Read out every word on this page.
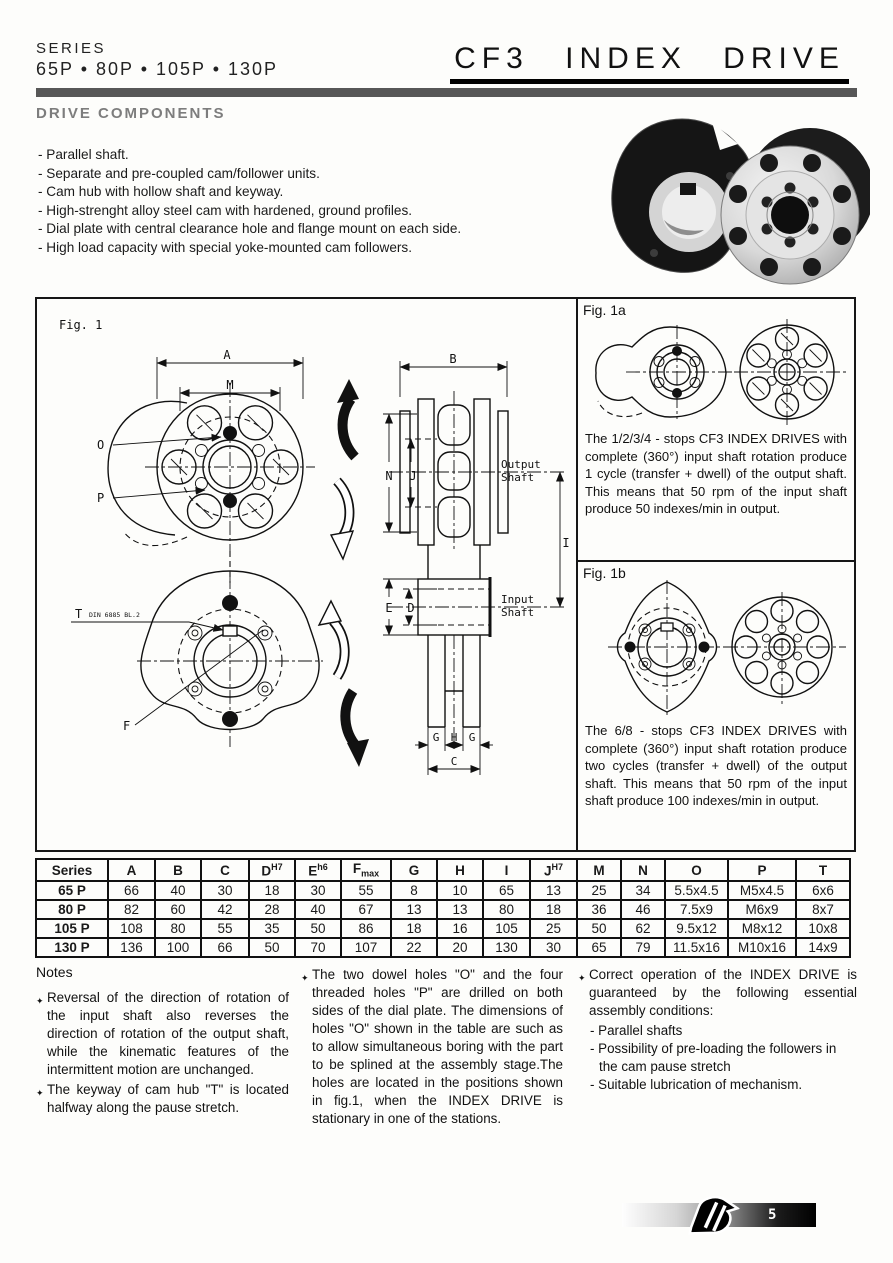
SERIES
65P • 80P • 105P • 130P	CF3 INDEX DRIVE
DRIVE COMPONENTS
- Parallel shaft.
- Separate and pre-coupled cam/follower units.
- Cam hub with hollow shaft and keyway.
- High-strenght alloy steel cam with hardened, ground profiles.
- Dial plate with central clearance hole and flange mount on each side.
- High load capacity with special yoke-mounted cam followers.
Fig. 1
A
M
O
P
T DIN 6885 BL.2
F
B
Output
Shaft
N J
I
Input
Shaft
E D
G H G
C
Fig. 1a
The 1/2/3/4 - stops CF3 INDEX DRIVES with complete (360°) input shaft rotation produce 1 cycle (transfer + dwell) of the output shaft. This means that 50 rpm of the input shaft produce 50 indexes/min in output.
Fig. 1b
The 6/8 - stops CF3 INDEX DRIVES with complete (360°) input shaft rotation produce two cycles (transfer + dwell) of the output shaft. This means that 50 rpm of the input shaft produce 100 indexes/min in output.
Series	A	B	C	$D^{H7}$	$E^{h6}$	$F_{max}$	G	H	I	$J^{H7}$	M	N	O	P	T
65 P	66	40	30	18	30	55	8	10	65	13	25	34	5.5x4.5	M5x4.5	6x6
80 P	82	60	42	28	40	67	13	13	80	18	36	46	7.5x9	M6x9	8x7
105 P	108	80	55	35	50	86	18	16	105	25	50	62	9.5x12	M8x12	10x8
130 P	136	100	66	50	70	107	22	20	130	30	65	79	11.5x16	M10x16	14x9
Notes
✦ Reversal of the direction of rotation of the input shaft also reverses the direction of rotation of the output shaft, while the kinematic features of the intermittent motion are unchanged.
✦ The keyway of cam hub "T" is located halfway along the pause stretch.
✦ The two dowel holes "O" and the four threaded holes "P" are drilled on both sides of the dial plate. The dimensions of holes "O" shown in the table are such as to allow simultaneous boring with the part to be splined at the assembly stage.The holes are located in the positions shown in fig.1, when the INDEX DRIVE is stationary in one of the stations.
✦ Correct operation of the INDEX DRIVE is guaranteed by the following essential assembly conditions:
- Parallel shafts
- Possibility of pre-loading the followers in the cam pause stretch
- Suitable lubrication of mechanism.
5
